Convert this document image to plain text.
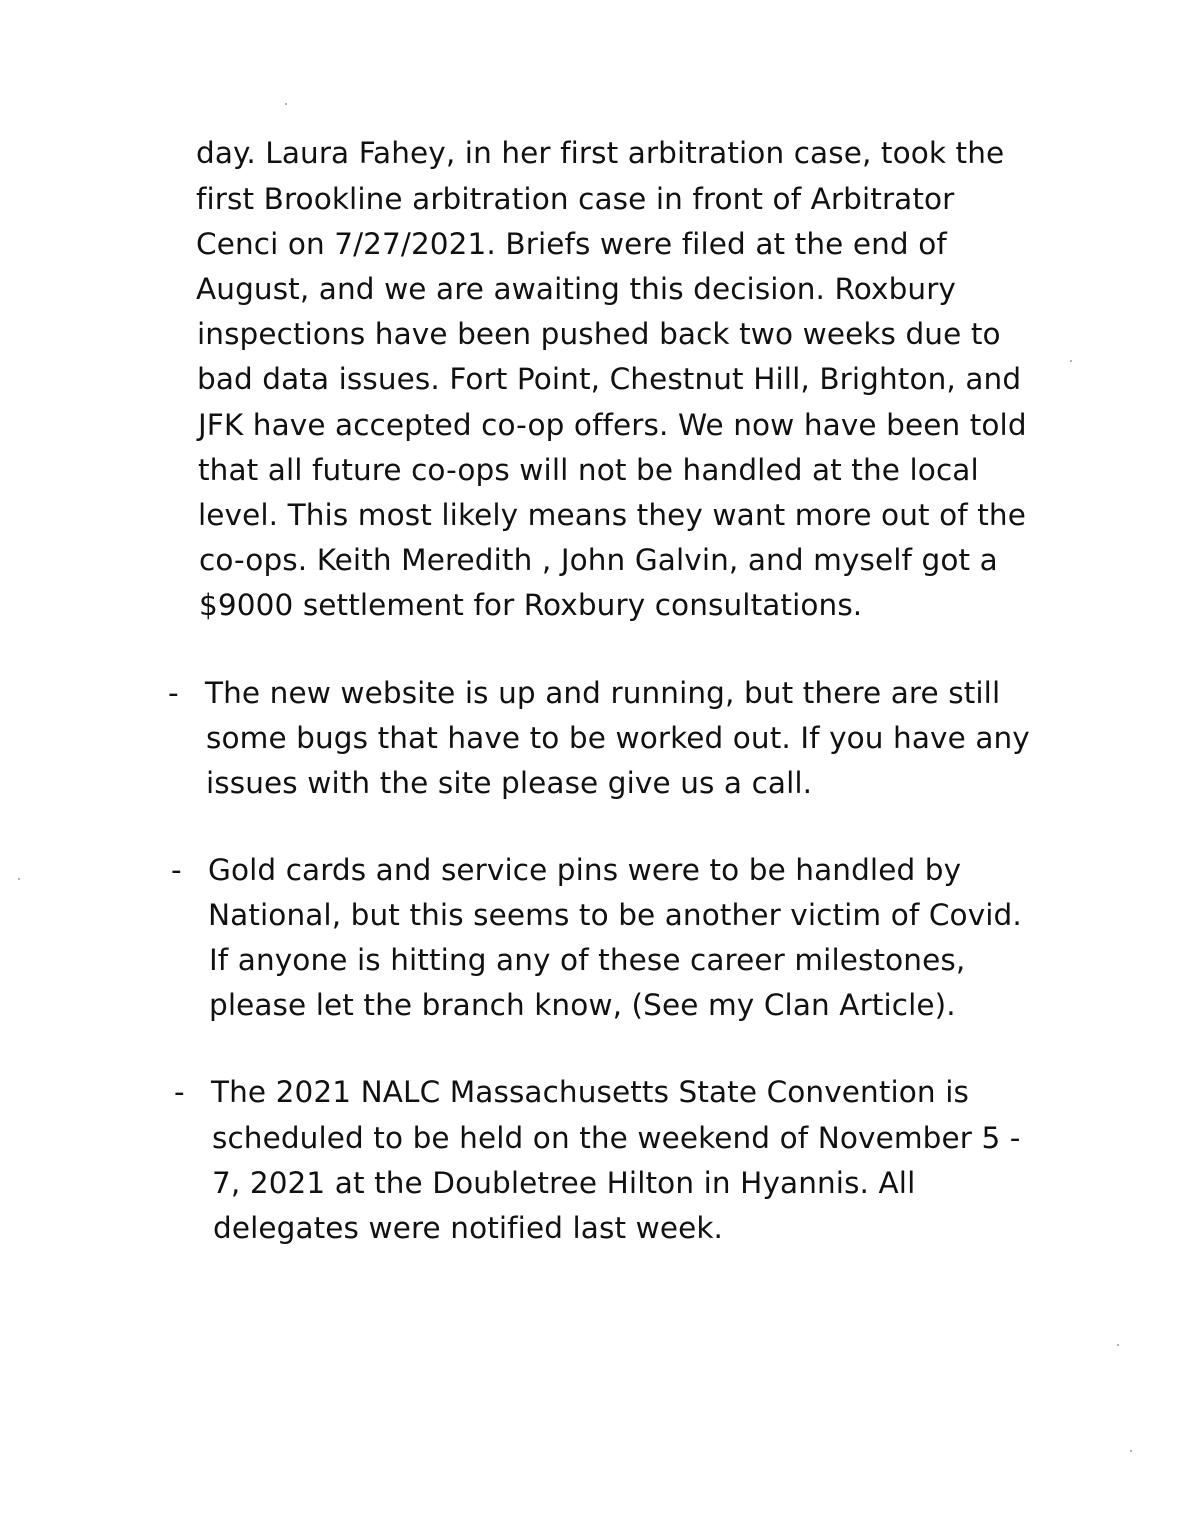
day. Laura Fahey, in her first arbitration case, took the
first Brookline arbitration case in front of Arbitrator
Cenci on 7/27/2021. Briefs were filed at the end of
August, and we are awaiting this decision. Roxbury
inspections have been pushed back two weeks due to
bad data issues. Fort Point, Chestnut Hill, Brighton, and
JFK have accepted co-op offers. We now have been told
that all future co-ops will not be handled at the local
level. This most likely means they want more out of the
co-ops. Keith Meredith , John Galvin, and myself got a
$9000 settlement for Roxbury consultations.
- The new website is up and running, but there are still
some bugs that have to be worked out. If you have any
issues with the site please give us a call.
- Gold cards and service pins were to be handled by
National, but this seems to be another victim of Covid.
If anyone is hitting any of these career milestones,
please let the branch know, (See my Clan Article).
- The 2021 NALC Massachusetts State Convention is
scheduled to be held on the weekend of November 5 -
7, 2021 at the Doubletree Hilton in Hyannis. All
delegates were notified last week.
